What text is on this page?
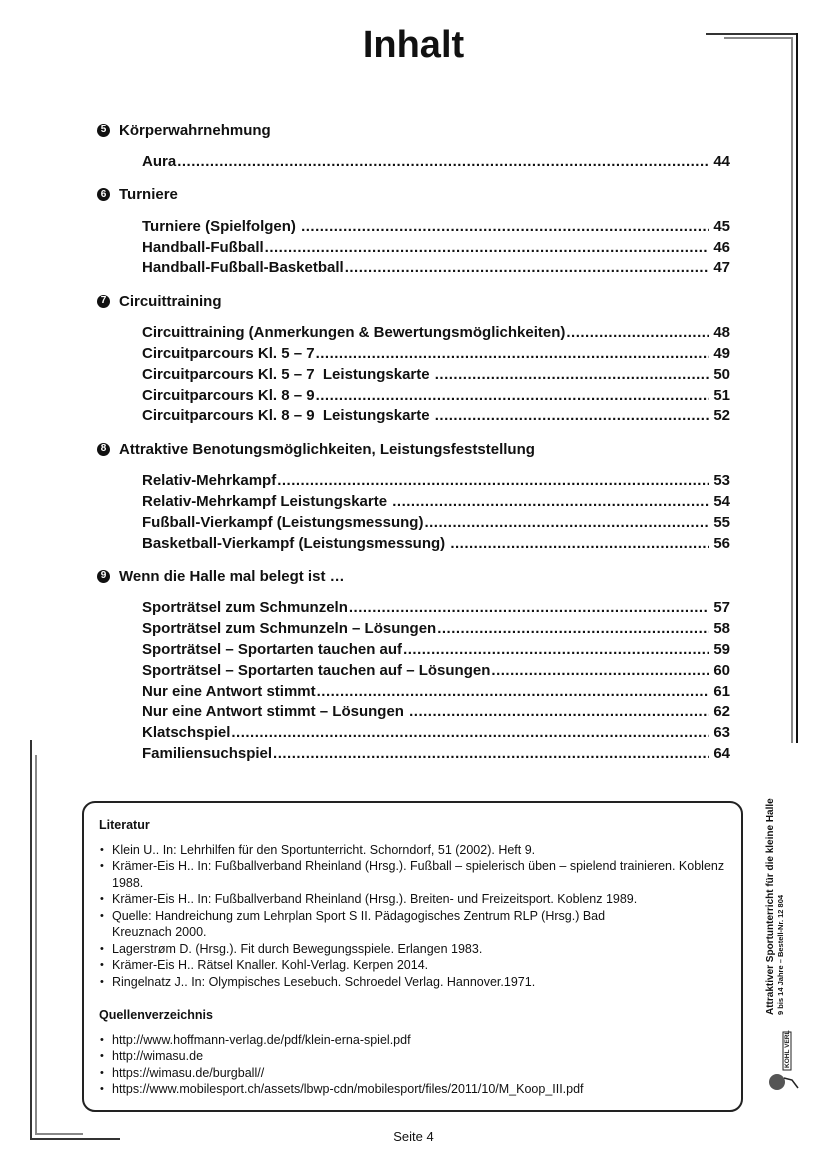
Inhalt
5 Körperwahrnehmung
Aura .....	44
6 Turniere
Turniere (Spielfolgen) .....	45
Handball-Fußball .....	46
Handball-Fußball-Basketball .....	47
7 Circuittraining
Circuittraining (Anmerkungen & Bewertungsmöglichkeiten) .....	48
Circuitparcours Kl. 5 – 7 .....	49
Circuitparcours Kl. 5 – 7  Leistungskarte .....	50
Circuitparcours Kl. 8 – 9 .....	51
Circuitparcours Kl. 8 – 9  Leistungskarte .....	52
8 Attraktive Benotungsmöglichkeiten, Leistungsfeststellung
Relativ-Mehrkampf .....	53
Relativ-Mehrkampf Leistungskarte .....	54
Fußball-Vierkampf (Leistungsmessung) .....	55
Basketball-Vierkampf (Leistungsmessung) .....	56
9 Wenn die Halle mal belegt ist …
Sporträtsel zum Schmunzeln .....	57
Sporträtsel zum Schmunzeln – Lösungen .....	58
Sporträtsel – Sportarten tauchen auf .....	59
Sporträtsel – Sportarten tauchen auf – Lösungen .....	60
Nur eine Antwort stimmt .....	61
Nur eine Antwort stimmt – Lösungen .....	62
Klatschspiel .....	63
Familiensuchspiel .....	64
Literatur
• Klein U.. In: Lehrhilfen für den Sportunterricht. Schorndorf, 51 (2002). Heft 9.
• Krämer-Eis H.. In: Fußballverband Rheinland (Hrsg.). Fußball – spielerisch üben – spielend trainieren. Koblenz 1988.
• Krämer-Eis H.. In: Fußballverband Rheinland (Hrsg.). Breiten- und Freizeitsport. Koblenz 1989.
• Quelle: Handreichung zum Lehrplan Sport S II. Pädagogisches Zentrum RLP (Hrsg.) Bad Kreuznach 2000.
• Lagerstrøm D. (Hrsg.). Fit durch Bewegungsspiele. Erlangen 1983.
• Krämer-Eis H.. Rätsel Knaller. Kohl-Verlag. Kerpen 2014.
• Ringelnatz J.. In: Olympisches Lesebuch. Schroedel Verlag. Hannover.1971.
Quellenverzeichnis
• http://www.hoffmann-verlag.de/pdf/klein-erna-spiel.pdf
• http://wimasu.de
• https://wimasu.de/burgball//
• https://www.mobilesport.ch/assets/lbwp-cdn/mobilesport/files/2011/10/M_Koop_III.pdf
Attraktiver Sportunterricht für die kleine Halle 9 bis 14 Jahre – Bestell-Nr. 12 804
KOHL VERLAG
Seite 4
